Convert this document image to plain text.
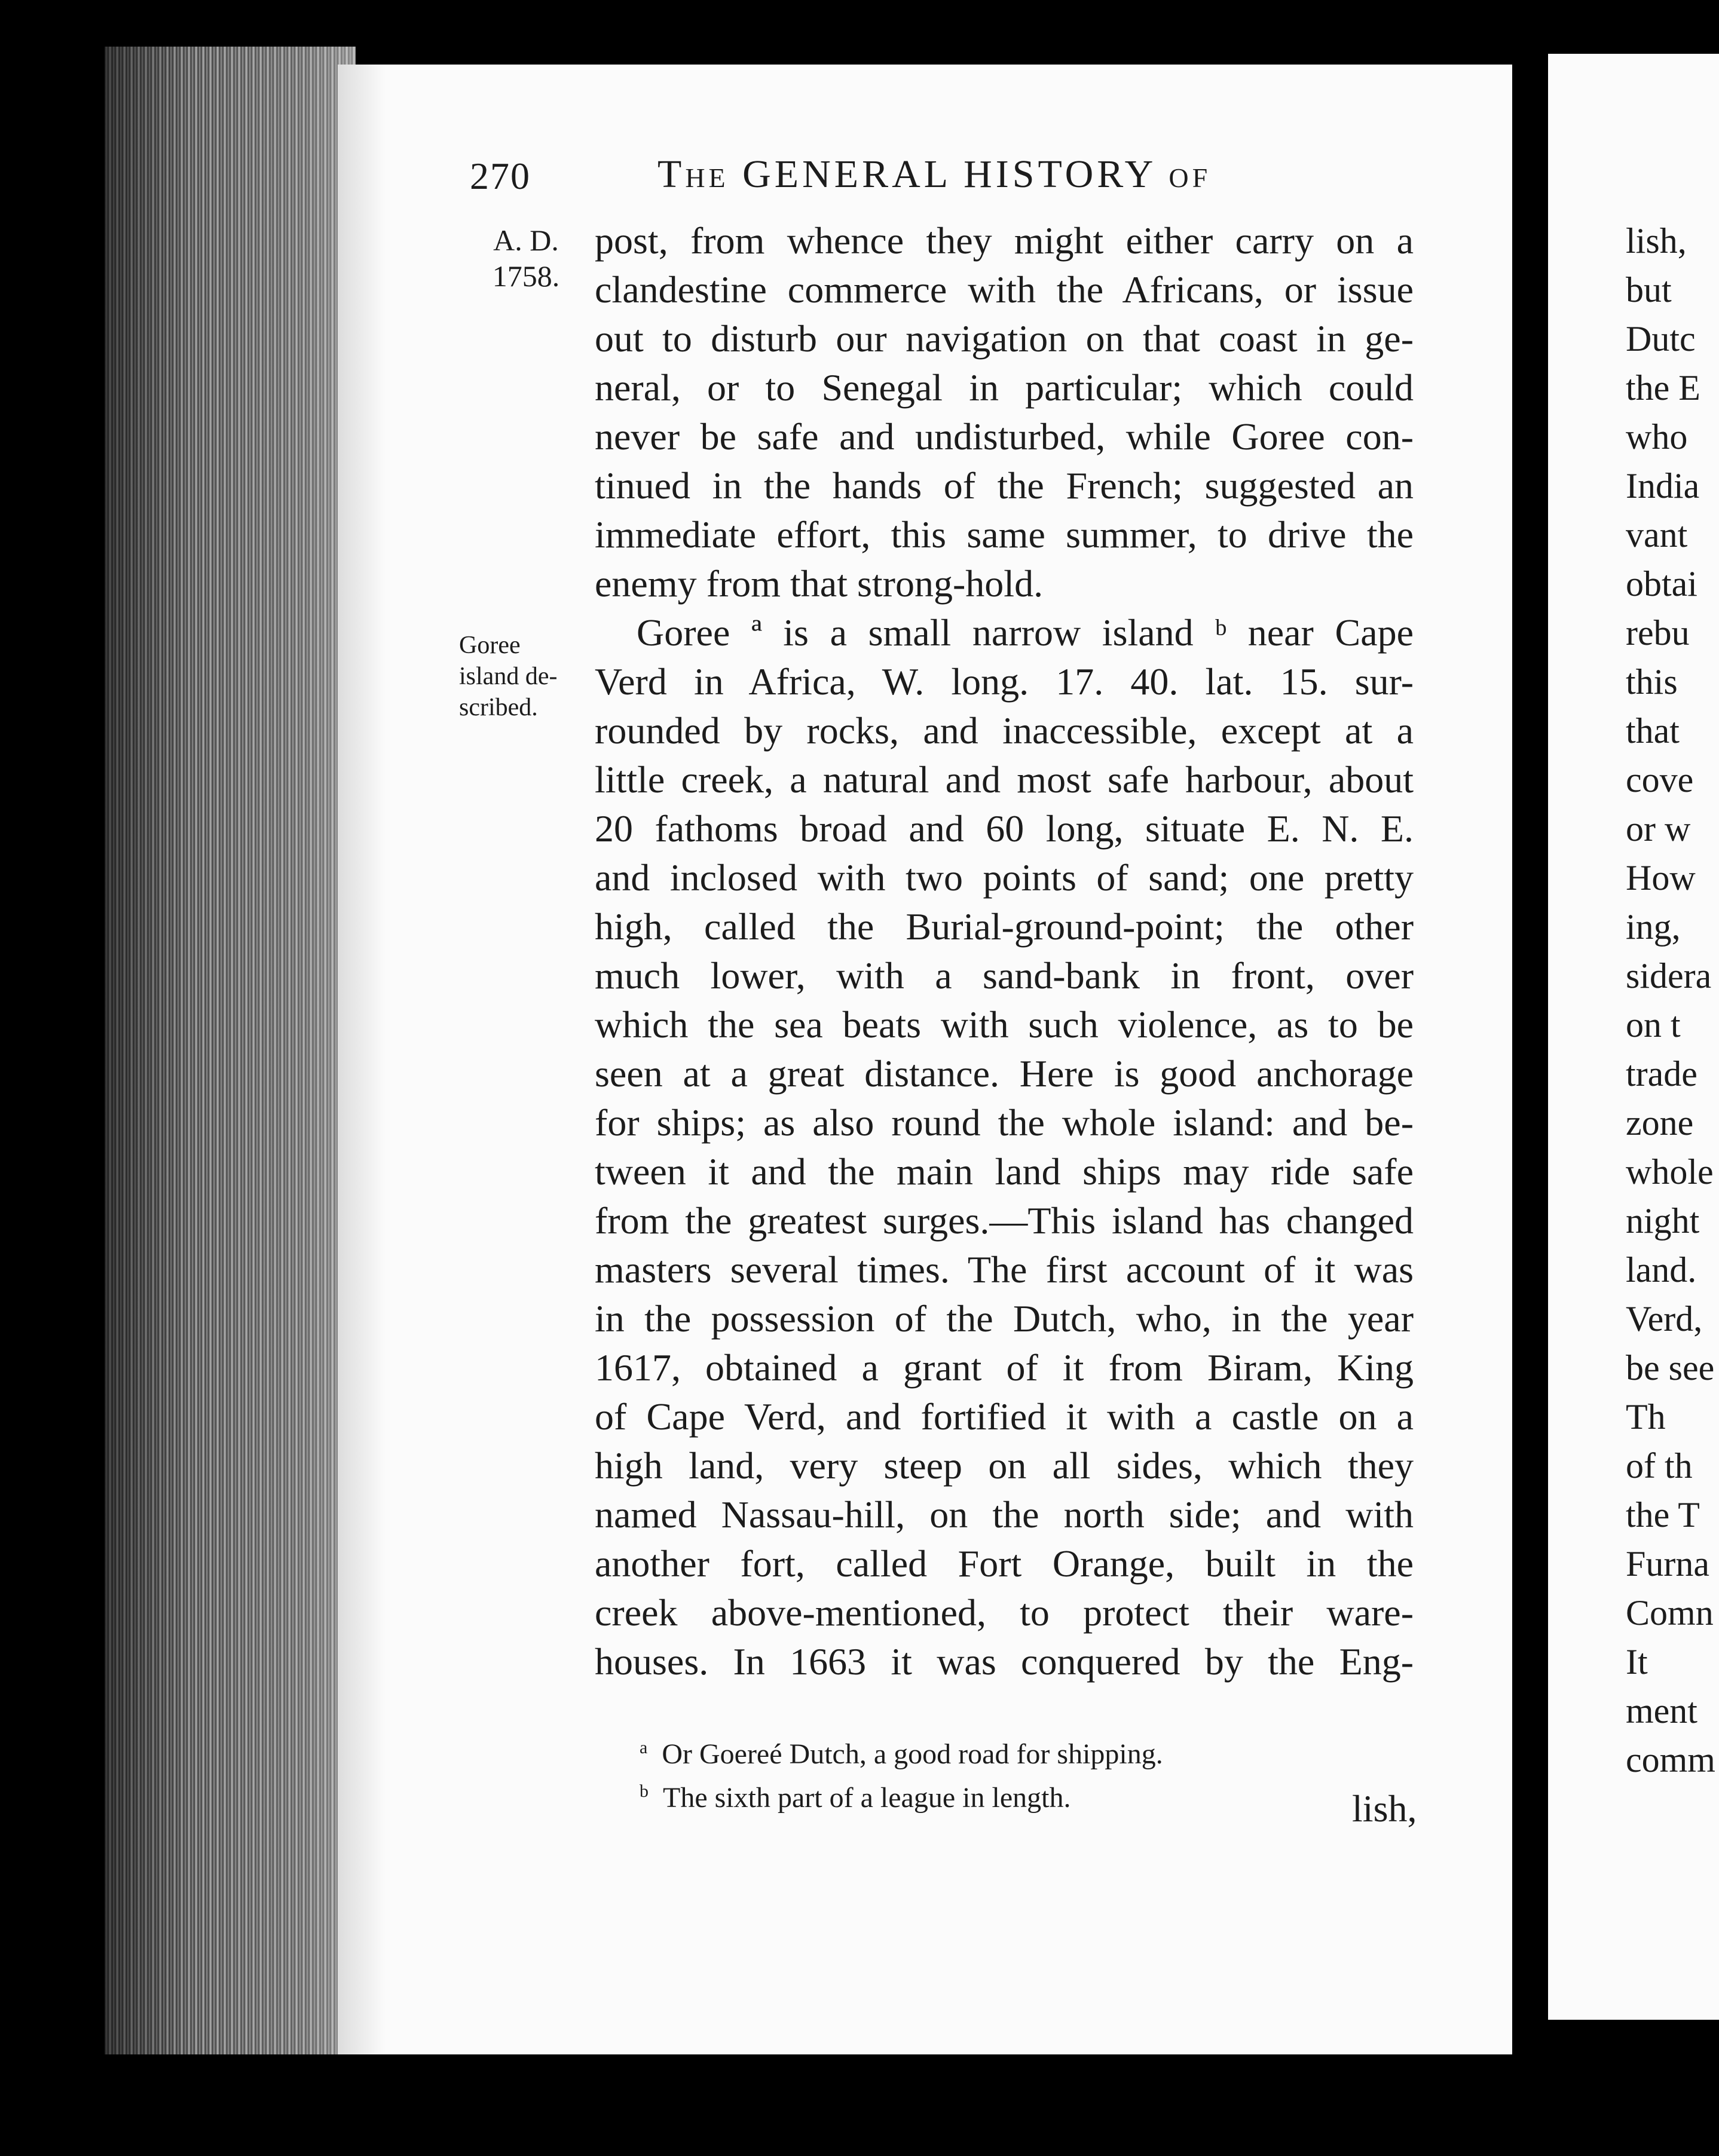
270	The GENERAL HISTORY of
A. D.
1758.
Goree
island de-
scribed.
post, from whence they might either carry on a
clandestine commerce with the Africans, or issue
out to disturb our navigation on that coast in ge-
neral, or to Senegal in particular; which could
never be safe and undisturbed, while Goree con-
tinued in the hands of the French; suggested an
immediate effort, this same summer, to drive the
enemy from that strong-hold.
Goree ª is a small narrow island ᵇ near Cape
Verd in Africa, W. long. 17. 40. lat. 15. sur-
rounded by rocks, and inaccessible, except at a
little creek, a natural and most safe harbour, about
20 fathoms broad and 60 long, situate E. N. E.
and inclosed with two points of sand; one pretty
high, called the Burial-ground-point; the other
much lower, with a sand-bank in front, over
which the sea beats with such violence, as to be
seen at a great distance. Here is good anchorage
for ships; as also round the whole island: and be-
tween it and the main land ships may ride safe
from the greatest surges.—This island has changed
masters several times. The first account of it was
in the possession of the Dutch, who, in the year
1617, obtained a grant of it from Biram, King
of Cape Verd, and fortified it with a castle on a
high land, very steep on all sides, which they
named Nassau-hill, on the north side; and with
another fort, called Fort Orange, built in the
creek above-mentioned, to protect their ware-
houses. In 1663 it was conquered by the Eng-
$^a$ Or Goereé Dutch, a good road for shipping.
$^b$ The sixth part of a league in length.	lish,
lish,
but
Dutc
the E
who
India
vant
obtai
rebu
this
that
cove
or w
How
ing,
sidera
on t
trade
zone
whole
night
land.
Verd,
be see
Th
of th
the T
Furna
Comn
It
ment
comm
